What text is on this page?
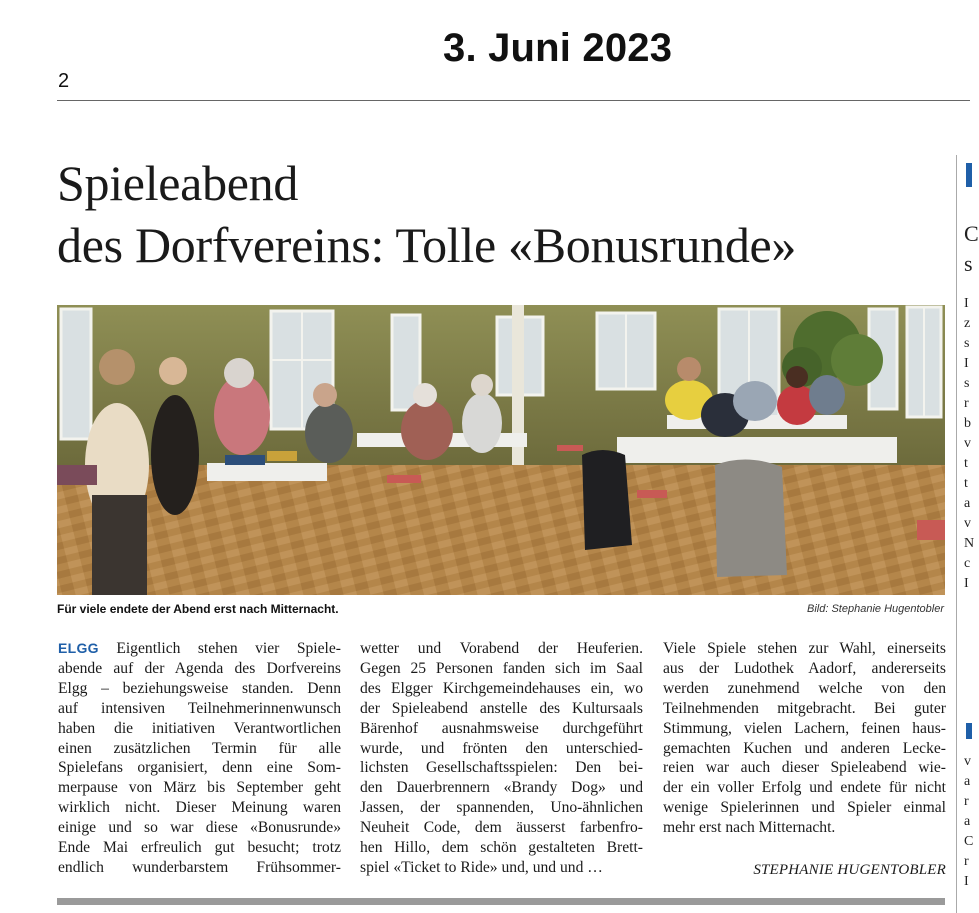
3. Juni 2023
2
Spieleabend
des Dorfvereins: Tolle «Bonusrunde»
Für viele endete der Abend erst nach Mitternacht.	Bild: Stephanie Hugentobler
ELGG Eigentlich stehen vier Spiele-
abende auf der Agenda des Dorfvereins
Elgg – beziehungsweise standen. Denn
auf intensiven Teilnehmerinnenwunsch
haben die initiativen Verantwortlichen
einen zusätzlichen Termin für alle
Spielefans organisiert, denn eine Som-
merpause von März bis September geht
wirklich nicht. Dieser Meinung waren
einige und so war diese «Bonusrunde»
Ende Mai erfreulich gut besucht; trotz
endlich wunderbarstem Frühsommer-
wetter und Vorabend der Heuferien.
Gegen 25 Personen fanden sich im Saal
des Elgger Kirchgemeindehauses ein, wo
der Spieleabend anstelle des Kultursaals
Bärenhof ausnahmsweise durchgeführt
wurde, und frönten den unterschied-
lichsten Gesellschaftsspielen: Den bei-
den Dauerbrennern «Brandy Dog» und
Jassen, der spannenden, Uno-ähnlichen
Neuheit Code, dem äusserst farbenfro-
hen Hillo, dem schön gestalteten Brett-
spiel «Ticket to Ride» und, und und …
Viele Spiele stehen zur Wahl, einerseits
aus der Ludothek Aadorf, andererseits
werden zunehmend welche von den
Teilnehmenden mitgebracht. Bei guter
Stimmung, vielen Lachern, feinen haus-
gemachten Kuchen und anderen Lecke-
reien war auch dieser Spieleabend wie-
der ein voller Erfolg und endete für nicht
wenige Spielerinnen und Spieler einmal
mehr erst nach Mitternacht.
STEPHANIE HUGENTOBLER
C
s
I
z
s
I
s
r
b
v
t
t
a
v
N
c
I
v
a
r
a
C
r
I
